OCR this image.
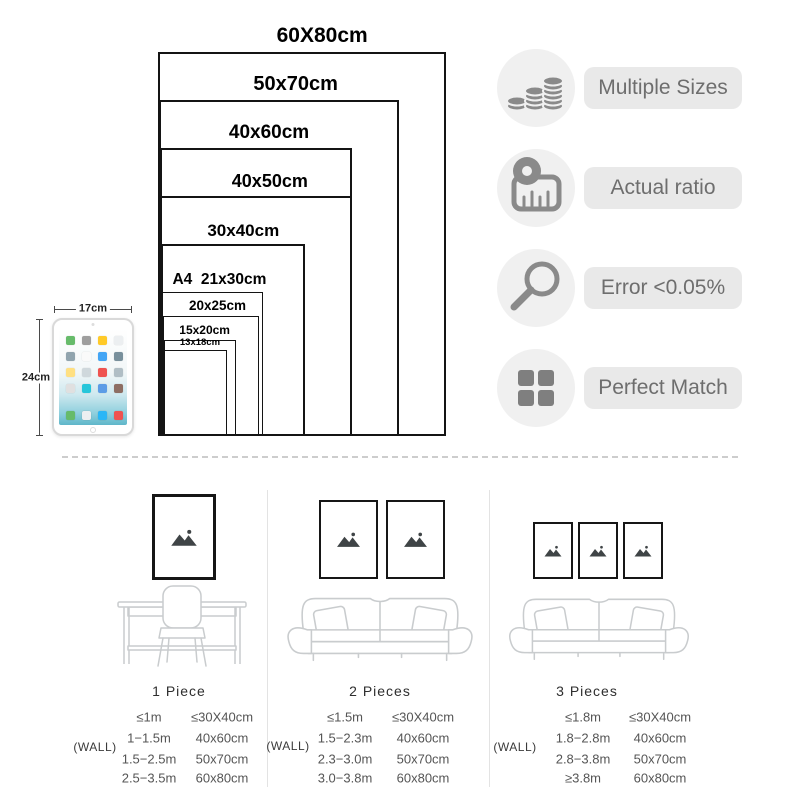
60X80cm
50x70cm
40x60cm
40x50cm
30x40cm
A4  21x30cm
20x25cm
15x20cm
13x18cm
17cm
24cm
Multiple Sizes
Actual ratio
Error <0.05%
Perfect Match
1 Piece	2 Pieces	3 Pieces
(WALL)	(WALL)	(WALL)
≤1m ≤30X40cm
1−1.5m 40x60cm
1.5−2.5m 50x70cm
2.5−3.5m 60x80cm
≤1.5m ≤30X40cm
1.5−2.3m 40x60cm
2.3−3.0m 50x70cm
3.0−3.8m 60x80cm
≤1.8m ≤30X40cm
1.8−2.8m 40x60cm
2.8−3.8m 50x70cm
≥3.8m	60x80cm
